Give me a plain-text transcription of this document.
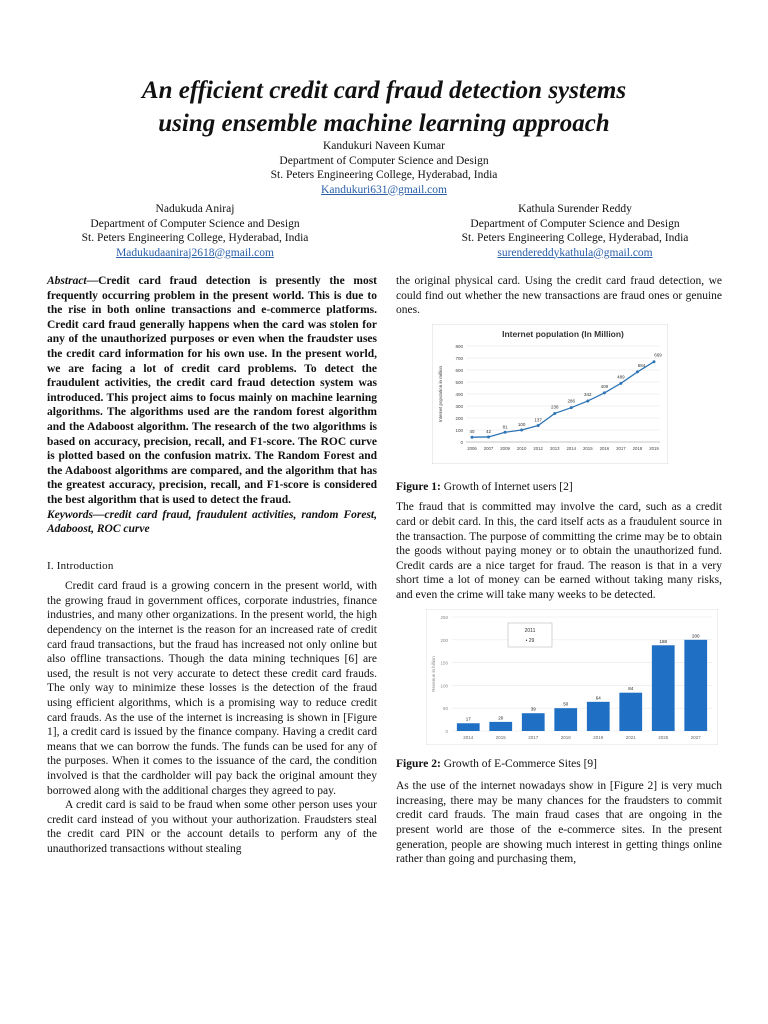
An efficient credit card fraud detection systems
using ensemble machine learning approach
Kandukuri Naveen Kumar
Department of Computer Science and Design
St. Peters Engineering College, Hyderabad, India
Kandukuri631@gmail.com
Nadukuda Aniraj
Department of Computer Science and Design
St. Peters Engineering College, Hyderabad, India
Madukudaaniraj2618@gmail.com
Kathula Surender Reddy
Department of Computer Science and Design
St. Peters Engineering College, Hyderabad, India
surendereddykathula@gmail.com

Abstract—Credit card fraud detection is presently the most frequently occurring problem in the present world. This is due to the rise in both online transactions and e-commerce platforms. Credit card fraud generally happens when the card was stolen for any of the unauthorized purposes or even when the fraudster uses the credit card information for his own use. In the present world, we are facing a lot of credit card problems. To detect the fraudulent activities, the credit card fraud detection system was introduced. This project aims to focus mainly on machine learning algorithms. The algorithms used are the random forest algorithm and the Adaboost algorithm. The research of the two algorithms is based on accuracy, precision, recall, and F1-score. The ROC curve is plotted based on the confusion matrix. The Random Forest and the Adaboost algorithms are compared, and the algorithm that has the greatest accuracy, precision, recall, and F1-score is considered the best algorithm that is used to detect the fraud.

Keywords—credit card fraud, fraudulent activities, random Forest, Adaboost, ROC curve

I. Introduction

Credit card fraud is a growing concern in the present world, with the growing fraud in government offices, corporate industries, finance industries, and many other organizations. In the present world, the high dependency on the internet is the reason for an increased rate of credit card fraud transactions, but the fraud has increased not only online but also offline transactions. Though the data mining techniques [6] are used, the result is not very accurate to detect these credit card frauds. The only way to minimize these losses is the detection of the fraud using efficient algorithms, which is a promising way to reduce credit card frauds. As the use of the internet is increasing is shown in [Figure 1], a credit card is issued by the finance company. Having a credit card means that we can borrow the funds. The funds can be used for any of the purposes. When it comes to the issuance of the card, the condition involved is that the cardholder will pay back the original amount they borrowed along with the additional charges they agreed to pay.

A credit card is said to be fraud when some other person uses your credit card instead of you without your authorization. Fraudsters steal the credit card PIN or the account details to perform any of the unauthorized transactions without stealing

the original physical card. Using the credit card fraud detection, we could find out whether the new transactions are fraud ones or genuine ones.

Internet population (In Million)
0
100
200
300
400
500
600
700
800
Internet population in million
40
2006
42
2007
81
2009
100
2010
137
2012
238
2013
286
2014
342
2015
409
2016
489
2017
584
2018
669
2019

Figure 1: Growth of Internet users [2]

The fraud that is committed may involve the card, such as a credit card or debit card. In this, the card itself acts as a fraudulent source in the transaction. The purpose of committing the crime may be to obtain the goods without paying money or to obtain the unauthorized fund. Credit cards are a nice target for fraud. The reason is that in a very short time a lot of money can be earned without taking many risks, and even the crime will take many weeks to be detected.

0
50
100
150
200
250
Revenue in billion
17
2014
20
2015
39
2017
50
2018
64
2019
84
2021
188
2025
200
2027
2011
• 29

Figure 2: Growth of E-Commerce Sites [9]

As the use of the internet nowadays show in [Figure 2] is very much increasing, there may be many chances for the fraudsters to commit credit card frauds. The main fraud cases that are ongoing in the present world are those of the e-commerce sites. In the present generation, people are showing much interest in getting things online rather than going and purchasing them,
